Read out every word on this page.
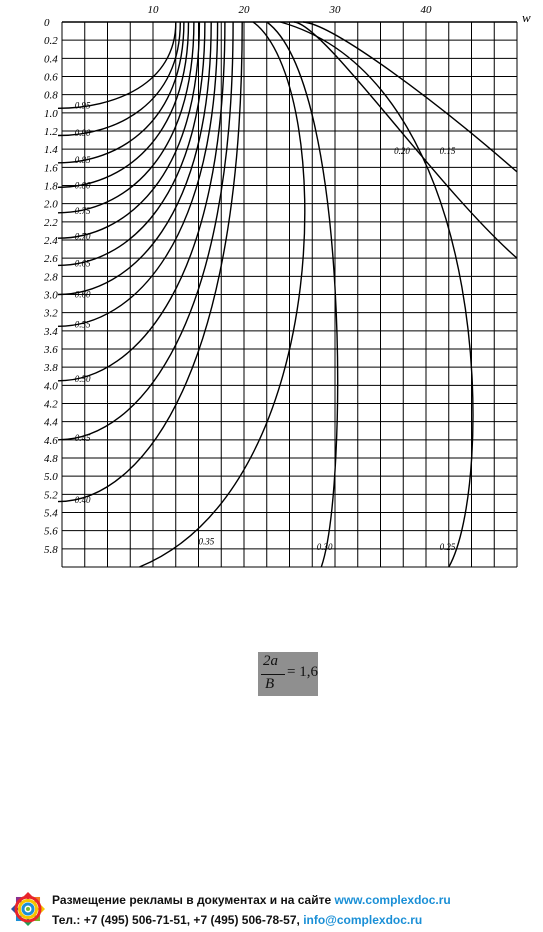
0
0.2
0.4
0.6
0.8
1.0
1.2
1.4
1.6
1.8
2.0
2.2
2.4
2.6
2.8
3.0
3.2
3.4
3.6
3.8
4.0
4.2
4.4
4.6
4.8
5.0
5.2
5.4
5.6
5.8
10	20	30	40
0.95
0.90
0.85
0.80
0.75
0.70
0.65
0.60
0.55
0.50
0.45
0.40
0.35
0.30	0.25
0.20	0.15
w
2a
B
= 1,6
Размещение рекламы в документах и на сайте www.complexdoc.ru
Тел.: +7 (495) 506-71-51, +7 (495) 506-78-57, info@complexdoc.ru
